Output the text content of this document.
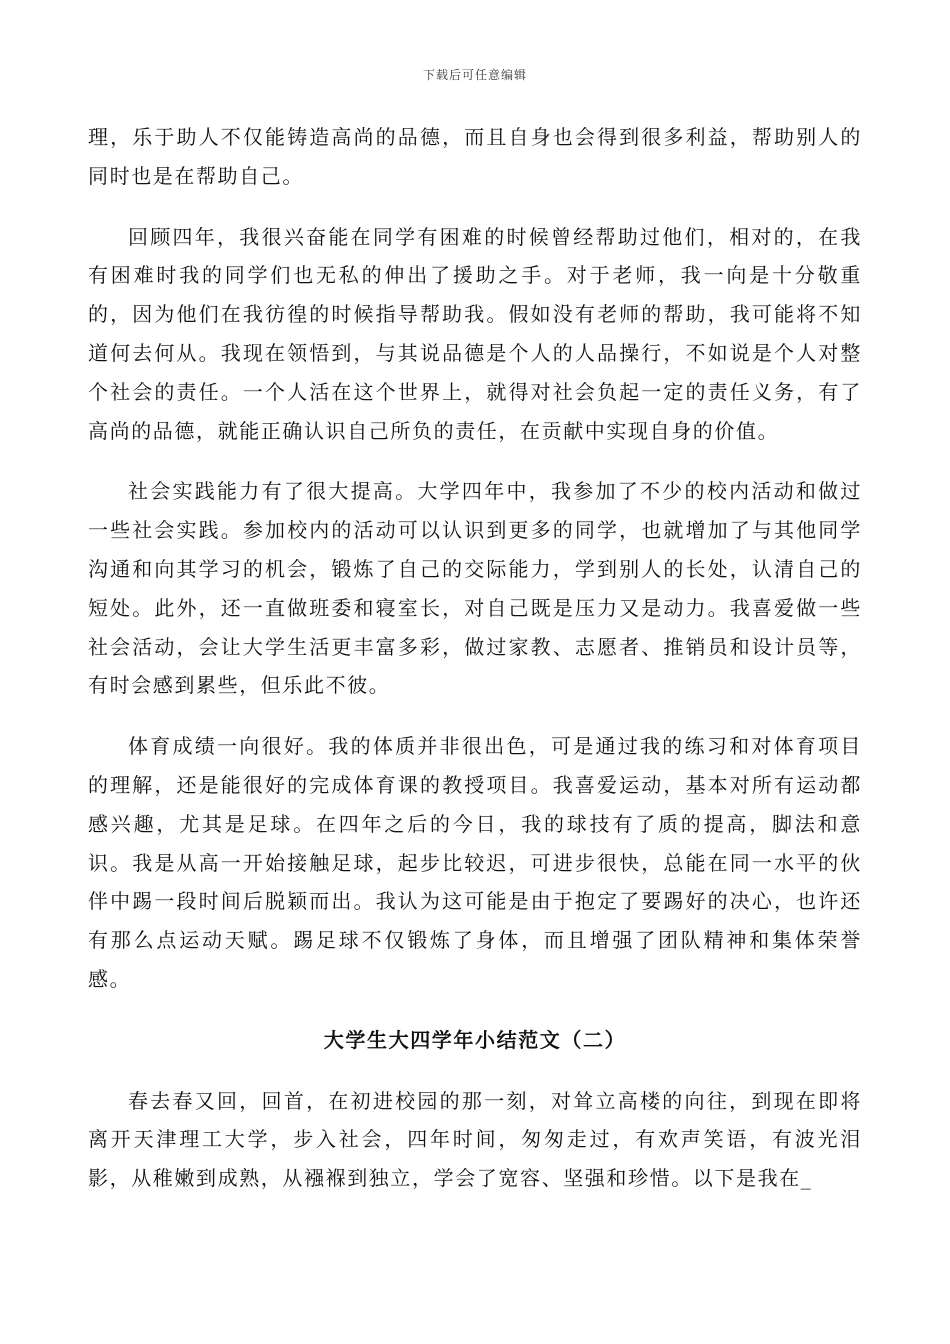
下载后可任意编辑

理，乐于助人不仅能铸造高尚的品德，而且自身也会得到很多利益，帮助别人的同时也是在帮助自己。

回顾四年，我很兴奋能在同学有困难的时候曾经帮助过他们，相对的，在我有困难时我的同学们也无私的伸出了援助之手。对于老师，我一向是十分敬重的，因为他们在我彷徨的时候指导帮助我。假如没有老师的帮助，我可能将不知道何去何从。我现在领悟到，与其说品德是个人的人品操行，不如说是个人对整个社会的责任。一个人活在这个世界上，就得对社会负起一定的责任义务，有了高尚的品德，就能正确认识自己所负的责任，在贡献中实现自身的价值。

社会实践能力有了很大提高。大学四年中，我参加了不少的校内活动和做过一些社会实践。参加校内的活动可以认识到更多的同学，也就增加了与其他同学沟通和向其学习的机会，锻炼了自己的交际能力，学到别人的长处，认清自己的短处。此外，还一直做班委和寝室长，对自己既是压力又是动力。我喜爱做一些社会活动，会让大学生活更丰富多彩，做过家教、志愿者、推销员和设计员等，有时会感到累些，但乐此不彼。

体育成绩一向很好。我的体质并非很出色，可是通过我的练习和对体育项目的理解，还是能很好的完成体育课的教授项目。我喜爱运动，基本对所有运动都感兴趣，尤其是足球。在四年之后的今日，我的球技有了质的提高，脚法和意识。我是从高一开始接触足球，起步比较迟，可进步很快，总能在同一水平的伙伴中踢一段时间后脱颖而出。我认为这可能是由于抱定了要踢好的决心，也许还有那么点运动天赋。踢足球不仅锻炼了身体，而且增强了团队精神和集体荣誉感。

大学生大四学年小结范文（二）

春去春又回，回首，在初进校园的那一刻，对耸立高楼的向往，到现在即将离开天津理工大学，步入社会，四年时间，匆匆走过，有欢声笑语，有波光泪影，从稚嫩到成熟，从襁褓到独立，学会了宽容、坚强和珍惜。以下是我在_
